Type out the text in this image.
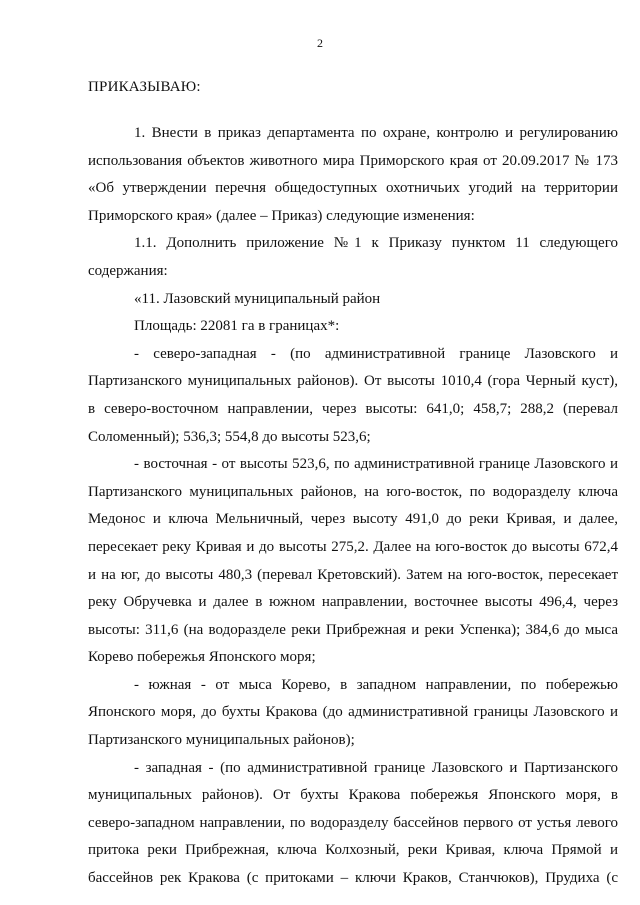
2
ПРИКАЗЫВАЮ:
1. Внести в приказ департамента по охране, контролю и регулированию
использования объектов животного мира Приморского края от 20.09.2017 № 173
«Об утверждении перечня общедоступных охотничьих угодий на территории
Приморского края» (далее – Приказ) следующие изменения:
1.1. Дополнить приложение №1 к Приказу пунктом 11 следующего
содержания:
«11. Лазовский муниципальный район
Площадь: 22081 га в границах*:
- северо-западная - (по административной границе Лазовского и
Партизанского муниципальных районов). От высоты 1010,4 (гора Черный куст),
в северо-восточном направлении, через высоты: 641,0; 458,7; 288,2 (перевал
Соломенный); 536,3; 554,8 до высоты 523,6;
- восточная - от высоты 523,6, по административной границе Лазовского и
Партизанского муниципальных районов, на юго-восток, по водоразделу ключа
Медонос и ключа Мельничный, через высоту 491,0 до реки Кривая, и далее,
пересекает реку Кривая и до высоты 275,2. Далее на юго-восток до высоты 672,4
и на юг, до высоты 480,3 (перевал Кретовский). Затем на юго-восток, пересекает
реку Обручевка и далее в южном направлении, восточнее высоты 496,4, через
высоты: 311,6 (на водоразделе реки Прибрежная и реки Успенка); 384,6 до мыса
Корево побережья Японского моря;
- южная - от мыса Корево, в западном направлении, по побережью
Японского моря, до бухты Кракова (до административной границы Лазовского и
Партизанского муниципальных районов);
- западная - (по административной границе Лазовского и Партизанского
муниципальных районов). От бухты Кракова побережья Японского моря, в
северо-западном направлении, по водоразделу бассейнов первого от устья левого
притока реки Прибрежная, ключа Колхозный, реки Кривая, ключа Прямой и
бассейнов рек Кракова (с притоками – ключи Краков, Станчюков), Прудиха (с
